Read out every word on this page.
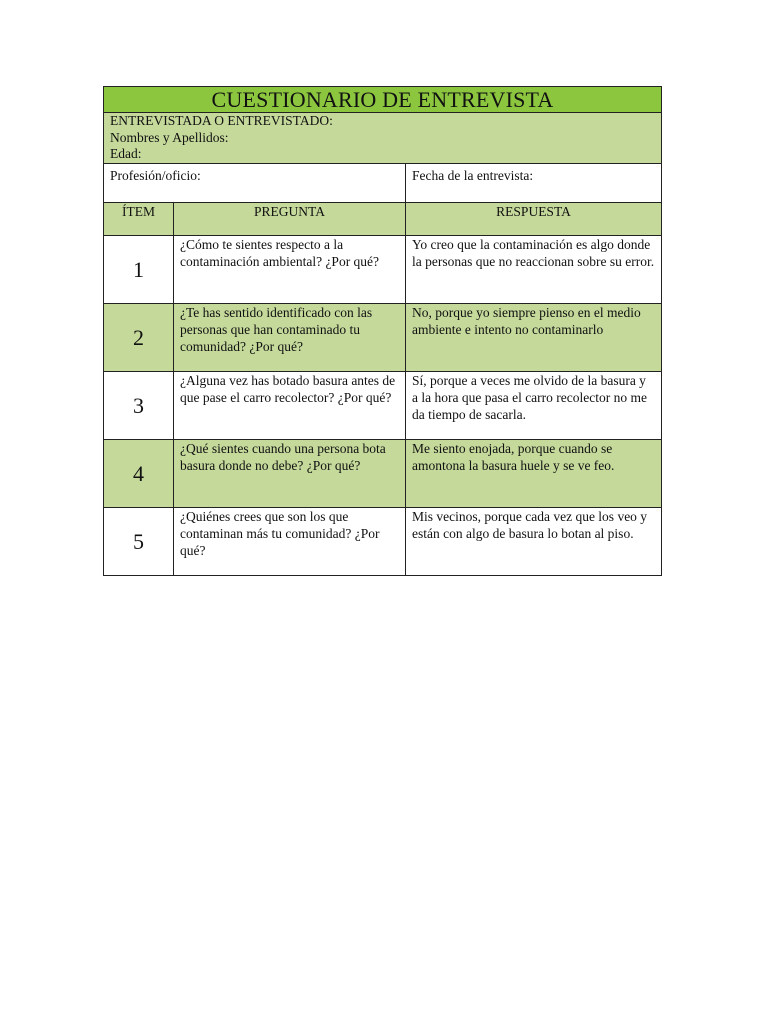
CUESTIONARIO DE ENTREVISTA		

ENTREVISTADA O ENTREVISTADO:
Nombres y Apellidos:
Edad:		

Profesión/oficio:		Fecha de la entrevista:
ÍTEM	PREGUNTA	RESPUESTA
1	¿Cómo te sientes respecto a la contaminación ambiental? ¿Por qué?	Yo creo que la contaminación es algo donde la personas que no reaccionan sobre su error.
2	¿Te has sentido identificado con las personas que han contaminado tu comunidad? ¿Por qué?	No, porque yo siempre pienso en el medio ambiente e intento no contaminarlo
3	¿Alguna vez has botado basura antes de que pase el carro recolector? ¿Por qué?	Sí, porque a veces me olvido de la basura y a la hora que pasa el carro recolector no me da tiempo de sacarla.
4	¿Qué sientes cuando una persona bota basura donde no debe? ¿Por qué?	Me siento enojada, porque cuando se amontona la basura huele y se ve feo.
5	¿Quiénes crees que son los que contaminan más tu comunidad? ¿Por qué?	Mis vecinos, porque cada vez que los veo y están con algo de basura lo botan al piso.
